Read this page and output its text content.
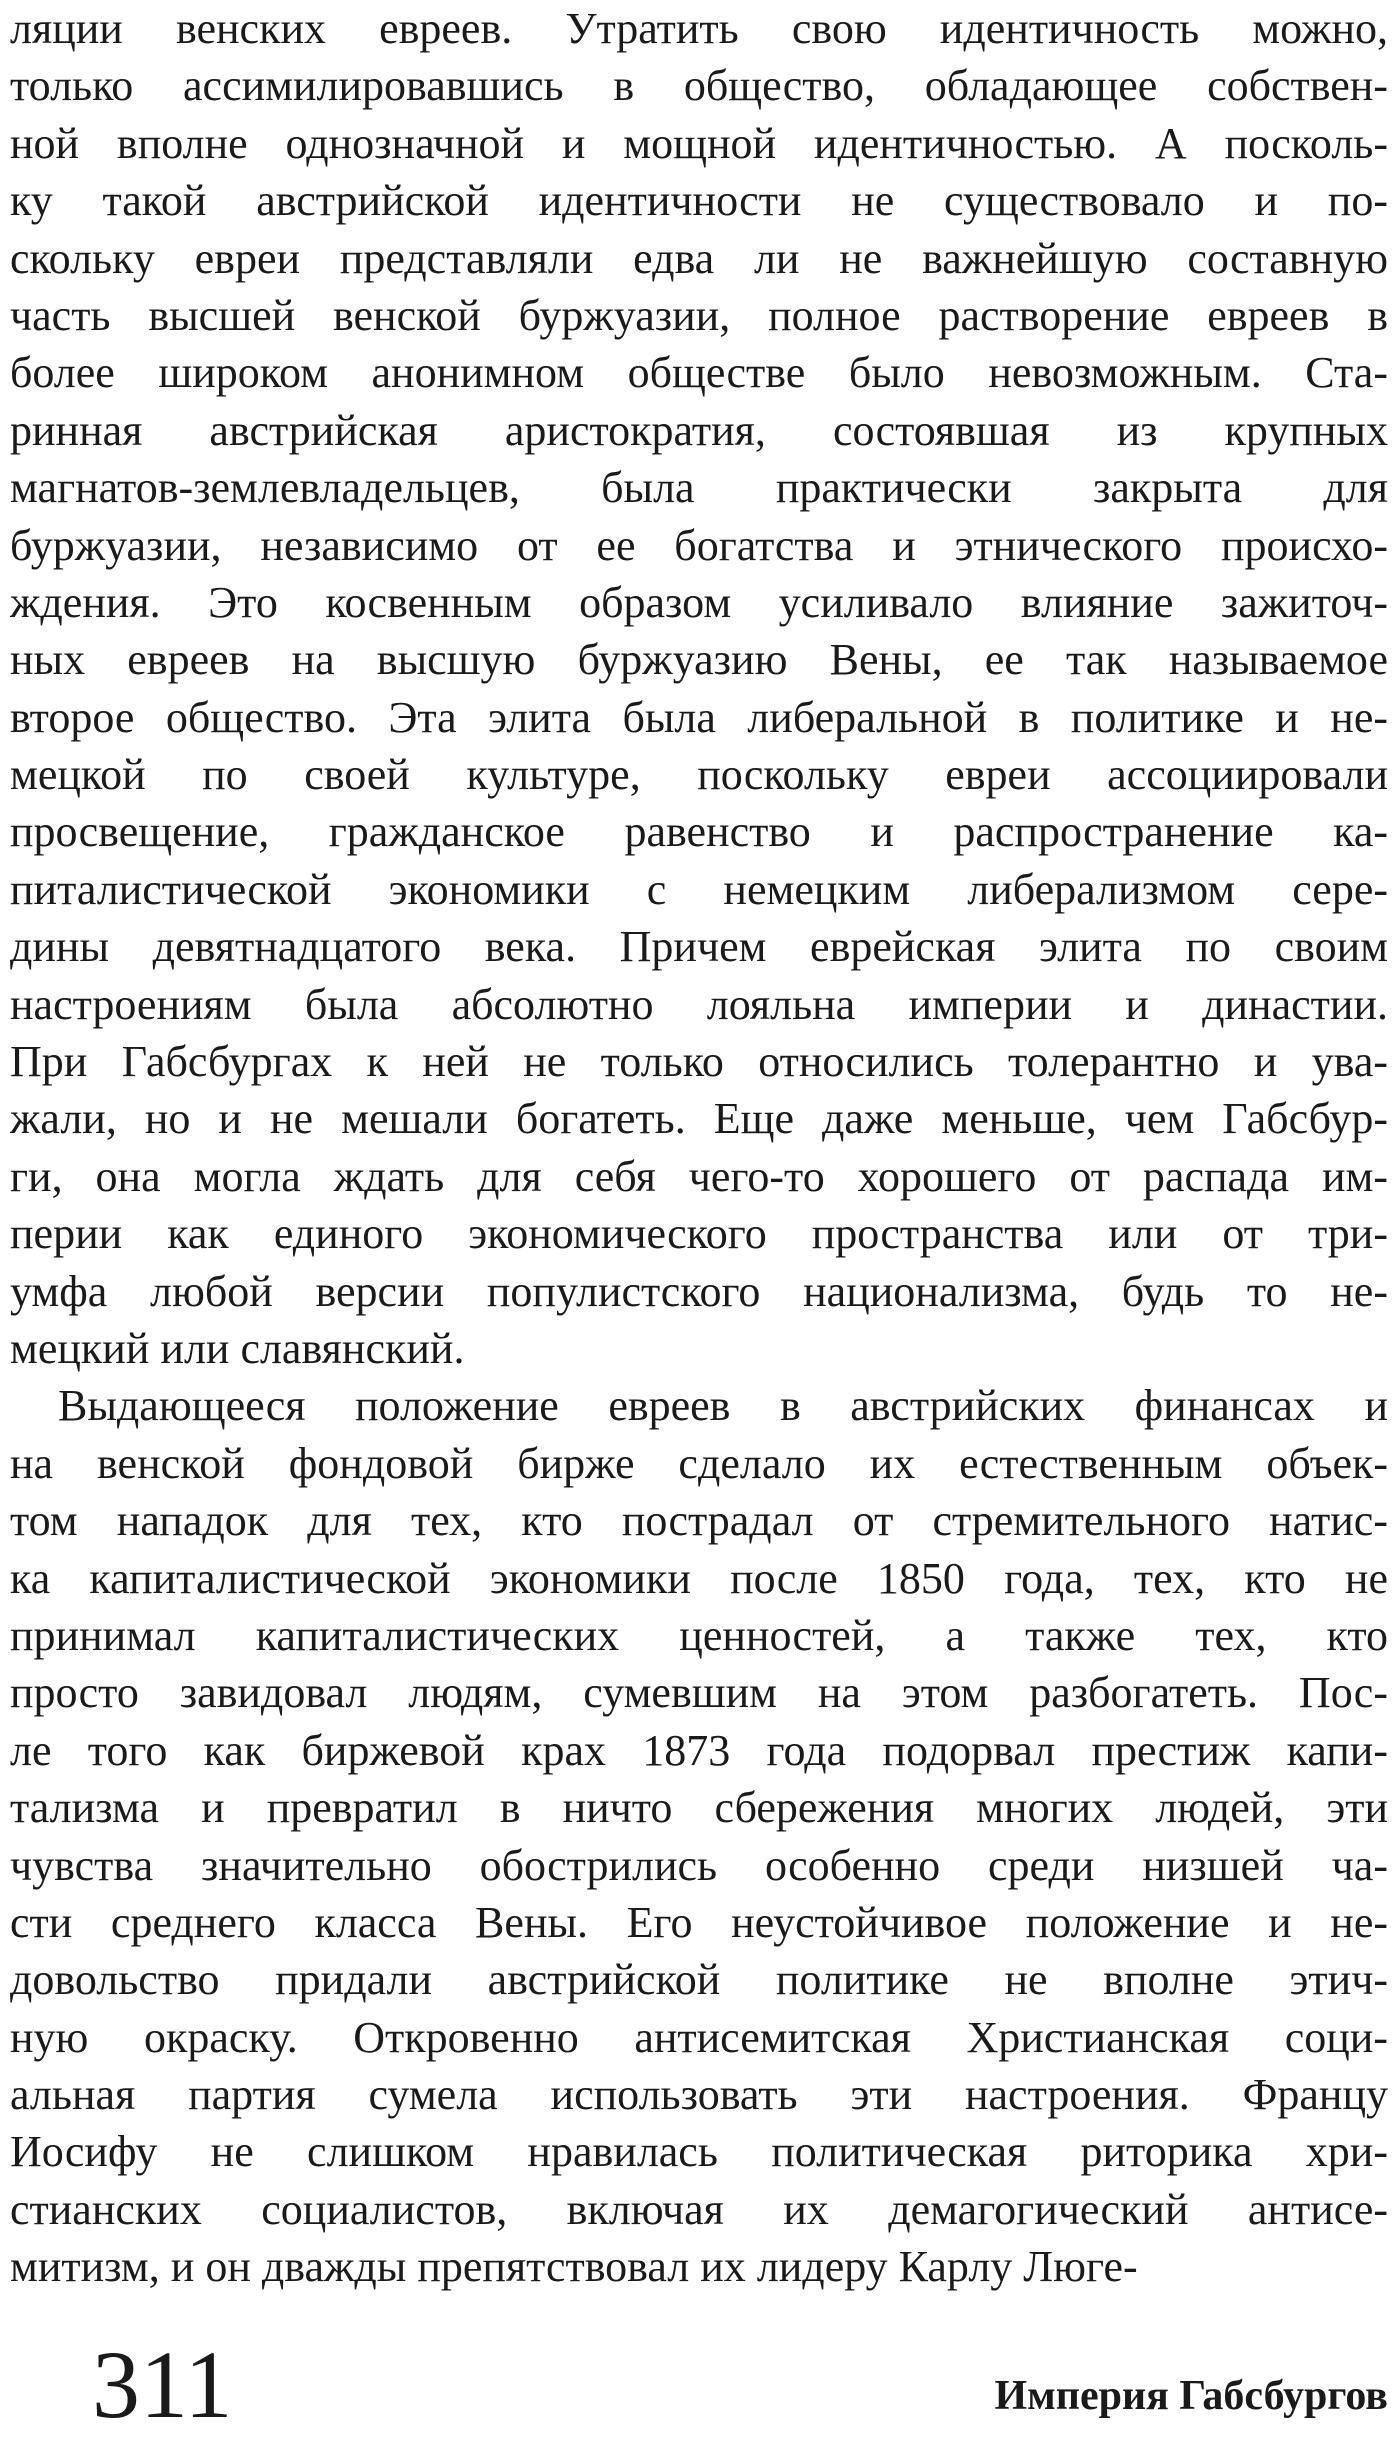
ляции венских евреев. Утратить свою идентичность можно,
только ассимилировавшись в общество, обладающее собствен-
ной вполне однозначной и мощной идентичностью. А посколь-
ку такой австрийской идентичности не существовало и по-
скольку евреи представляли едва ли не важнейшую составную
часть высшей венской буржуазии, полное растворение евреев в
более широком анонимном обществе было невозможным. Ста-
ринная австрийская аристократия, состоявшая из крупных
магнатов-землевладельцев, была практически закрыта для
буржуазии, независимо от ее богатства и этнического происхо-
ждения. Это косвенным образом усиливало влияние зажиточ-
ных евреев на высшую буржуазию Вены, ее так называемое
второе общество. Эта элита была либеральной в политике и не-
мецкой по своей культуре, поскольку евреи ассоциировали
просвещение, гражданское равенство и распространение ка-
питалистической экономики с немецким либерализмом сере-
дины девятнадцатого века. Причем еврейская элита по своим
настроениям была абсолютно лояльна империи и династии.
При Габсбургах к ней не только относились толерантно и ува-
жали, но и не мешали богатеть. Еще даже меньше, чем Габсбур-
ги, она могла ждать для себя чего-то хорошего от распада им-
перии как единого экономического пространства или от три-
умфа любой версии популистского национализма, будь то не-
мецкий или славянский.
Выдающееся положение евреев в австрийских финансах и
на венской фондовой бирже сделало их естественным объек-
том нападок для тех, кто пострадал от стремительного натис-
ка капиталистической экономики после 1850 года, тех, кто не
принимал капиталистических ценностей, а также тех, кто
просто завидовал людям, сумевшим на этом разбогатеть. Пос-
ле того как биржевой крах 1873 года подорвал престиж капи-
тализма и превратил в ничто сбережения многих людей, эти
чувства значительно обострились особенно среди низшей ча-
сти среднего класса Вены. Его неустойчивое положение и не-
довольство придали австрийской политике не вполне этич-
ную окраску. Откровенно антисемитская Христианская соци-
альная партия сумела использовать эти настроения. Францу
Иосифу не слишком нравилась политическая риторика хри-
стианских социалистов, включая их демагогический антисе-
митизм, и он дважды препятствовал их лидеру Карлу Люге-
311	Империя Габсбургов
